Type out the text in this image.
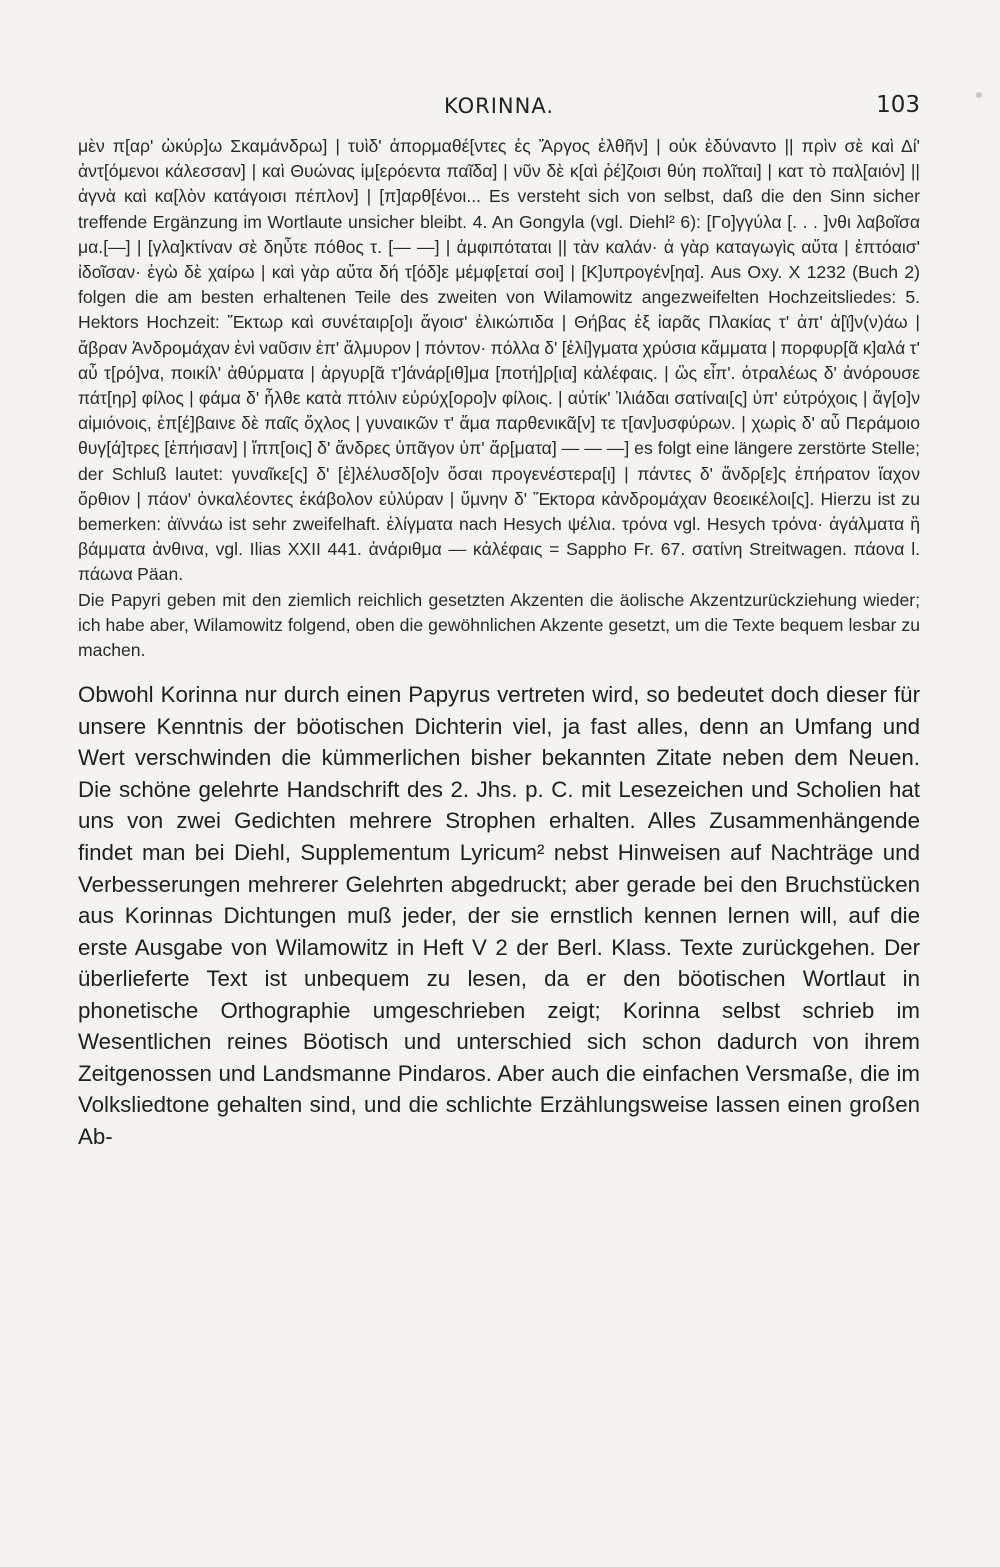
KORINNA.	103

μὲν π[αρ' ὠκύρ]ω Σκαμάνδρω] | τυὶδ' ἀπορμαθέ[ντες ἐς Ἄργος ἐλθῆν] | οὐκ ἐδύναντο || πρὶν σὲ καὶ Δί' ἀντ[όμενοι κάλεσσαν] | καὶ Θυώνας ἱμ[ερόεντα παῖδα] | νῦν δὲ κ[αὶ ῥέ]ζοισι θύη πολῖται] | κατ τὸ παλ[αιόν] || ἀγνὰ καὶ κα[λὸν κατάγοισι πέπλον] | [π]αρθ[ένοι... Es versteht sich von selbst, daß die den Sinn sicher treffende Ergänzung im Wortlaute unsicher bleibt. 4. An Gongyla (vgl. Diehl² 6): [Γο]γγύλα [. . . ]νθι λαβοῖσα μα.[—] | [γλα]κτίναν σὲ δηὖτε πόθος τ. [— —] | ἀμφιπόταται || τὰν καλάν· ἀ γὰρ καταγωγὶς αὔτα | ἐπτόαισ' ἰδοῖσαν· ἐγὼ δὲ χαίρω | καὶ γὰρ αὔτα δή τ[όδ]ε μέμφ[εταί σοι] | [Κ]υπρογέν[ηα]. Aus Oxy. X 1232 (Buch 2) folgen die am besten erhaltenen Teile des zweiten von Wilamowitz angezweifelten Hochzeitsliedes: 5. Hektors Hochzeit: Ἔκτωρ καὶ συνέταιρ[ο]ι ἄγοισ' ἐλικώπιδα | Θήβας ἐξ ἰαρᾶς Πλακίας τ' ἀπ' ἀ[ϊ]ν(ν)άω | ἄβραν Ἀνδρομάχαν ἐνὶ ναῦσιν ἐπ' ἄλμυρον | πόντον· πόλλα δ' [ἐλί]γματα χρύσια κἄμματα | πορφυρ[ᾶ κ]αλά τ' αὖ τ[ρό]να, ποικίλ' ἀθύρματα | ἀργυρ[ᾶ τ']άνάρ[ιθ]μα [ποτή]ρ[ια] κἀλέφαις. | ὣς εἶπ'. ὀτραλέως δ' ἀνόρουσε πάτ[ηρ] φίλος | φάμα δ' ἦλθε κατὰ πτόλιν εὐρύχ[ορο]ν φίλοις. | αὐτίκ' Ἰλιάδαι σατίναι[ς] ὑπ' εὐτρόχοις | ἄγ[ο]ν αἰμιόνοις, ἐπ[έ]βαινε δὲ παῖς ὄχλος | γυναικῶν τ' ἄμα παρθενικᾶ[ν] τε τ[αν]υσφύρων. | χωρὶς δ' αὖ Περάμοιο θυγ[ά]τρες [ἐπήισαν] | ἵππ[οις] δ' ἄνδρες ὑπᾶγον ὑπ' ἄρ[ματα] — — —] es folgt eine längere zerstörte Stelle; der Schluß lautet: γυναῖκε[ς] δ' [ἐ]λέλυσδ[ο]ν ὅσαι προγενέστερα[ι] | πάντες δ' ἄνδρ[ε]ς ἐπήρατον ἴαχον ὄρθιον | πάον' ὀνκαλέοντες ἑκάβολον εὐλύραν | ὕμνην δ' Ἕκτορα κἀνδρομάχαν θεοεικέλοι[ς]. Hierzu ist zu bemerken: ἀϊννάω ist sehr zweifelhaft. ἐλίγματα nach Hesych ψέλια. τρόνα vgl. Hesych τρόνα· ἀγάλματα ἢ βάμματα ἀνθινα, vgl. Ilias XXII 441. ἀνάριθμα — κἀλέφαις = Sappho Fr. 67. σατίνη Streitwagen. πάονα l. πάωνα Päan.

Die Papyri geben mit den ziemlich reichlich gesetzten Akzenten die äolische Akzentzurückziehung wieder; ich habe aber, Wilamowitz folgend, oben die gewöhnlichen Akzente gesetzt, um die Texte bequem lesbar zu machen.

Obwohl Korinna nur durch einen Papyrus vertreten wird, so bedeutet doch dieser für unsere Kenntnis der böotischen Dichterin viel, ja fast alles, denn an Umfang und Wert verschwinden die kümmerlichen bisher bekannten Zitate neben dem Neuen. Die schöne gelehrte Handschrift des 2. Jhs. p. C. mit Lesezeichen und Scholien hat uns von zwei Gedichten mehrere Strophen erhalten. Alles Zusammenhängende findet man bei Diehl, Supplementum Lyricum² nebst Hinweisen auf Nachträge und Verbesserungen mehrerer Gelehrten abgedruckt; aber gerade bei den Bruchstücken aus Korinnas Dichtungen muß jeder, der sie ernstlich kennen lernen will, auf die erste Ausgabe von Wilamowitz in Heft V 2 der Berl. Klass. Texte zurückgehen. Der überlieferte Text ist unbequem zu lesen, da er den böotischen Wortlaut in phonetische Orthographie umgeschrieben zeigt; Korinna selbst schrieb im Wesentlichen reines Böotisch und unterschied sich schon dadurch von ihrem Zeitgenossen und Landsmanne Pindaros. Aber auch die einfachen Versmaße, die im Volksliedtone gehalten sind, und die schlichte Erzählungsweise lassen einen großen Ab-
